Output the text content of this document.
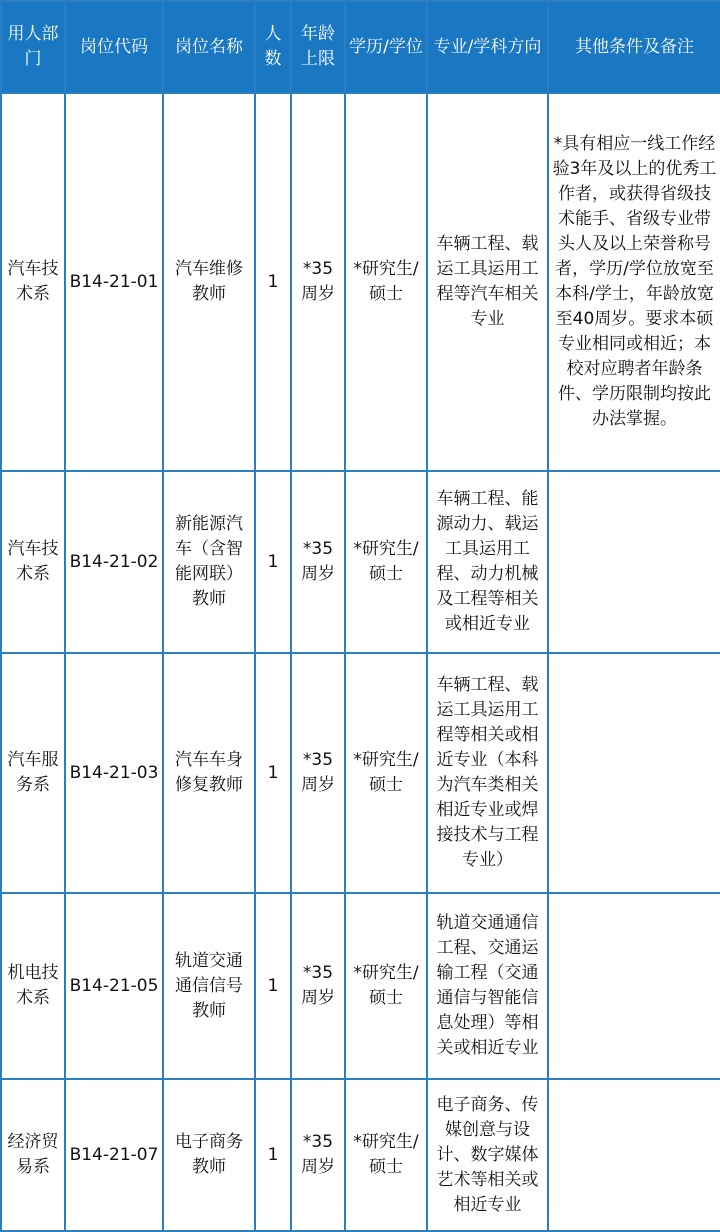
用人部门	岗位代码	岗位名称	人数	年龄上限	学历/学位	专业/学科方向	其他条件及备注
汽车技术系	B14-21-01	汽车维修教师	1	*35周岁	*研究生/硕士	车辆工程、载运工具运用工程等汽车相关专业	*具有相应一线工作经验3年及以上的优秀工作者，或获得省级技术能手、省级专业带头人及以上荣誉称号者，学历/学位放宽至本科/学士，年龄放宽至40周岁。要求本硕专业相同或相近；本校对应聘者年龄条件、学历限制均按此办法掌握。
汽车技术系	B14-21-02	新能源汽车（含智能网联）教师	1	*35周岁	*研究生/硕士	车辆工程、能源动力、载运工具运用工程、动力机械及工程等相关或相近专业	
汽车服务系	B14-21-03	汽车车身修复教师	1	*35周岁	*研究生/硕士	车辆工程、载运工具运用工程等相关或相近专业（本科为汽车类相关相近专业或焊接技术与工程专业）	
机电技术系	B14-21-05	轨道交通通信信号教师	1	*35周岁	*研究生/硕士	轨道交通通信工程、交通运输工程（交通通信与智能信息处理）等相关或相近专业	
经济贸易系	B14-21-07	电子商务教师	1	*35周岁	*研究生/硕士	电子商务、传媒创意与设计、数字媒体艺术等相关或相近专业	
